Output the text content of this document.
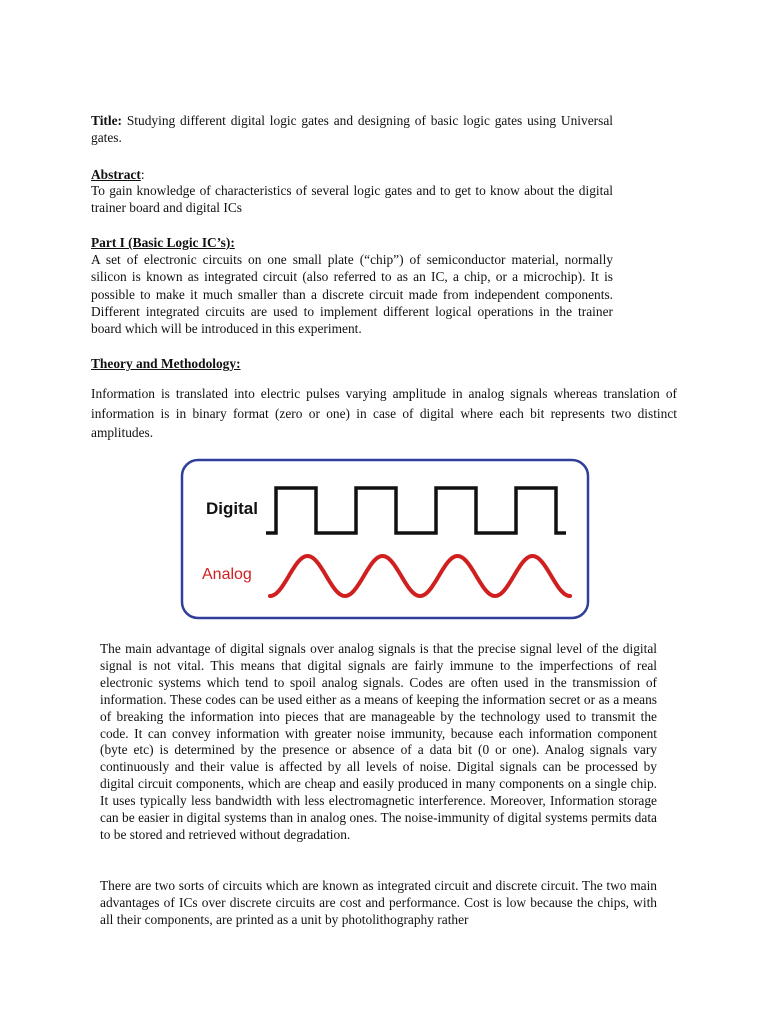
Title: Studying different digital logic gates and designing of basic logic gates using Universal gates.
Abstract:
To gain knowledge of characteristics of several logic gates and to get to know about the digital trainer board and digital ICs
Part I (Basic Logic IC’s):
A set of electronic circuits on one small plate (“chip”) of semiconductor material, normally silicon is known as integrated circuit (also referred to as an IC, a chip, or a microchip). It is possible to make it much smaller than a discrete circuit made from independent components. Different integrated circuits are used to implement different logical operations in the trainer board which will be introduced in this experiment.
Theory and Methodology:
Information is translated into electric pulses varying amplitude in analog signals whereas translation of information is in binary format (zero or one) in case of digital where each bit represents two distinct amplitudes.
Digital
Analog
The main advantage of digital signals over analog signals is that the precise signal level of the digital signal is not vital. This means that digital signals are fairly immune to the imperfections of real electronic systems which tend to spoil analog signals. Codes are often used in the transmission of information. These codes can be used either as a means of keeping the information secret or as a means of breaking the information into pieces that are manageable by the technology used to transmit the code. It can convey information with greater noise immunity, because each information component (byte etc) is determined by the presence or absence of a data bit (0 or one). Analog signals vary continuously and their value is affected by all levels of noise. Digital signals can be processed by digital circuit components, which are cheap and easily produced in many components on a single chip. It uses typically less bandwidth with less electromagnetic interference. Moreover, Information storage can be easier in digital systems than in analog ones. The noise-immunity of digital systems permits data to be stored and retrieved without degradation.
There are two sorts of circuits which are known as integrated circuit and discrete circuit. The two main advantages of ICs over discrete circuits are cost and performance. Cost is low because the chips, with all their components, are printed as a unit by photolithography rather
